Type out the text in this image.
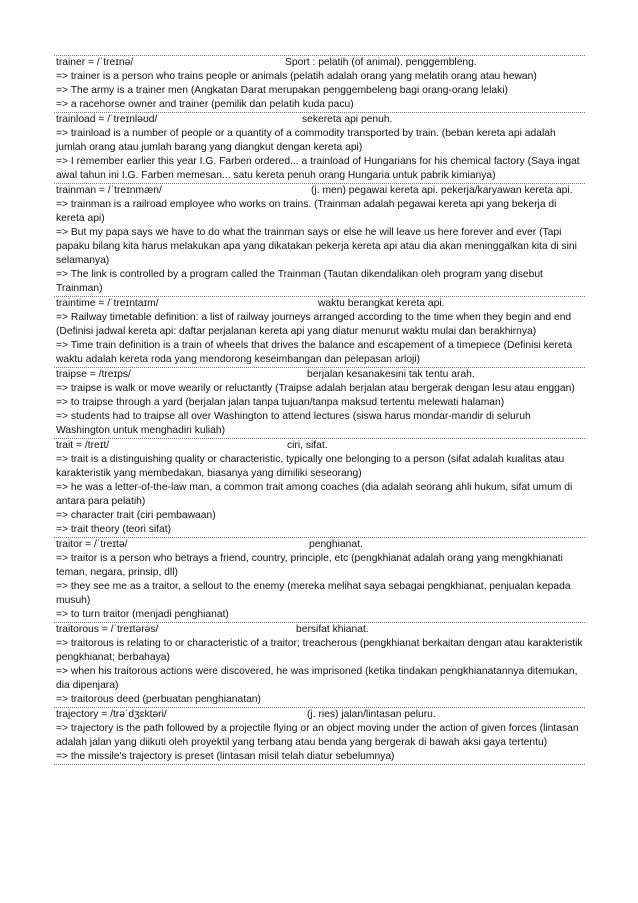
trainer = /ˈtreɪnə/	Sport : pelatih (of animal). penggembleng.
=> trainer is a person who trains people or animals (pelatih adalah orang yang melatih orang atau hewan)
=> The army is a trainer men (Angkatan Darat merupakan penggembeleng bagi orang-orang lelaki)
=> a racehorse owner and trainer (pemilik dan pelatih kuda pacu)
trainload = /ˈtreɪnləʊd/	sekereta api penuh.
=> trainload is a number of people or a quantity of a commodity transported by train. (beban kereta api adalah jumlah orang atau jumlah barang yang diangkut dengan kereta api)
=> I remember earlier this year I.G. Farben ordered... a trainload of Hungarians for his chemical factory (Saya ingat awal tahun ini I.G. Farben memesan... satu kereta penuh orang Hungaria untuk pabrik kimianya)
trainman = /ˈtreɪnmæn/	(j. men) pegawai kereta api. pekerja/karyawan kereta api.
=> trainman is a railroad employee who works on trains. (Trainman adalah pegawai kereta api yang bekerja di kereta api)
=> But my papa says we have to do what the trainman says or else he will leave us here forever and ever (Tapi papaku bilang kita harus melakukan apa yang dikatakan pekerja kereta api atau dia akan meninggalkan kita di sini selamanya)
=> The link is controlled by a program called the Trainman (Tautan dikendalikan oleh program yang disebut Trainman)
traintime = /ˈtreɪntaɪm/	waktu berangkat kereta api.
=> Railway timetable definition: a list of railway journeys arranged according to the time when they begin and end (Definisi jadwal kereta api: daftar perjalanan kereta api yang diatur menurut waktu mulai dan berakhirnya)
=> Time train definition is a train of wheels that drives the balance and escapement of a timepiece (Definisi kereta waktu adalah kereta roda yang mendorong keseimbangan dan pelepasan arloji)
traipse = /treɪps/	berjalan kesanakesini tak tentu arah.
=> traipse is walk or move wearily or reluctantly (Traipse adalah berjalan atau bergerak dengan lesu atau enggan)
=> to traipse through a yard (berjalan jalan tanpa tujuan/tanpa maksud tertentu melewati halaman)
=> students had to traipse all over Washington to attend lectures (siswa harus mondar-mandir di seluruh Washington untuk menghadiri kuliah)
trait = /treɪt/	ciri, sifat.
=> trait is a distinguishing quality or characteristic, typically one belonging to a person (sifat adalah kualitas atau karakteristik yang membedakan, biasanya yang dimiliki seseorang)
=> he was a letter-of-the-law man, a common trait among coaches (dia adalah seorang ahli hukum, sifat umum di antara para pelatih)
=> character trait (ciri pembawaan)
=> trait theory (teori sifat)
traitor = /ˈtreɪtə/	penghianat.
=> traitor is a person who betrays a friend, country, principle, etc (pengkhianat adalah orang yang mengkhianati teman, negara, prinsip, dll)
=> they see me as a traitor, a sellout to the enemy (mereka melihat saya sebagai pengkhianat, penjualan kepada musuh)
=> to turn traitor (menjadi penghianat)
traitorous = /ˈtreɪtərəs/	bersifat khianat.
=> traitorous is relating to or characteristic of a traitor; treacherous (pengkhianat berkaitan dengan atau karakteristik pengkhianat; berbahaya)
=> when his traitorous actions were discovered, he was imprisoned (ketika tindakan pengkhianatannya ditemukan, dia dipenjara)
=> traitorous deed (perbuatan penghianatan)
trajectory = /trəˈdʒɛktəri/	(j. ries) jalan/lintasan peluru.
=> trajectory is the path followed by a projectile flying or an object moving under the action of given forces (lintasan adalah jalan yang diikuti oleh proyektil yang terbang atau benda yang bergerak di bawah aksi gaya tertentu)
=> the missile's trajectory is preset (lintasan misil telah diatur sebelumnya)
